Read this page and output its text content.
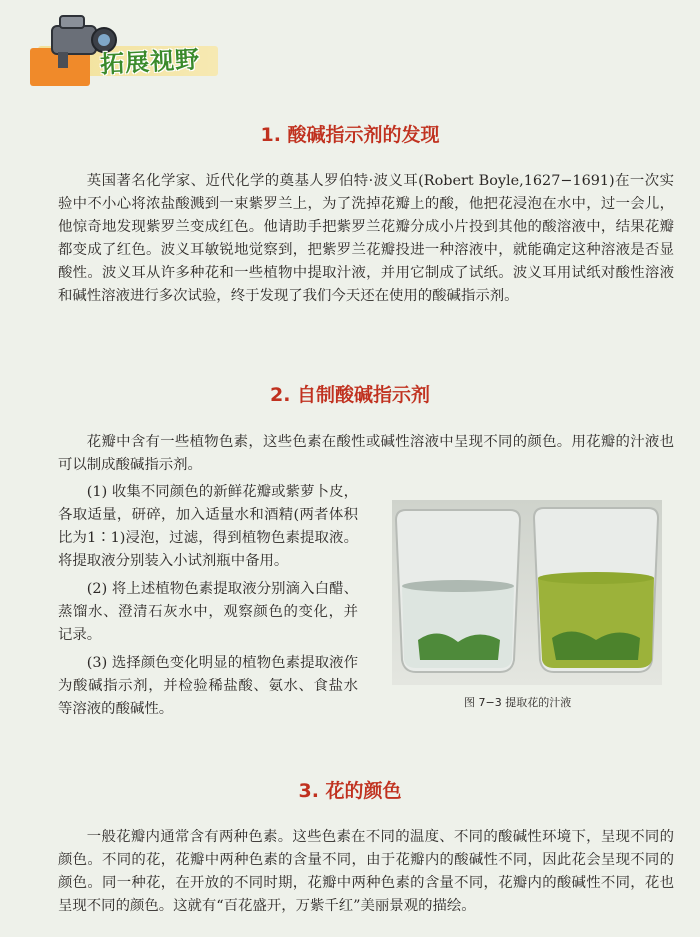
拓展视野
1. 酸碱指示剂的发现

英国著名化学家、近代化学的奠基人罗伯特·波义耳(Robert Boyle,1627−1691)在一次实验中不小心将浓盐酸溅到一束紫罗兰上，为了洗掉花瓣上的酸，他把花浸泡在水中，过一会儿，他惊奇地发现紫罗兰变成红色。他请助手把紫罗兰花瓣分成小片投到其他的酸溶液中，结果花瓣都变成了红色。波义耳敏锐地觉察到，把紫罗兰花瓣投进一种溶液中，就能确定这种溶液是否显酸性。波义耳从许多种花和一些植物中提取汁液，并用它制成了试纸。波义耳用试纸对酸性溶液和碱性溶液进行多次试验，终于发现了我们今天还在使用的酸碱指示剂。

2. 自制酸碱指示剂

花瓣中含有一些植物色素，这些色素在酸性或碱性溶液中呈现不同的颜色。用花瓣的汁液也可以制成酸碱指示剂。

(1) 收集不同颜色的新鲜花瓣或紫萝卜皮，各取适量，研碎，加入适量水和酒精(两者体积比为1∶1)浸泡，过滤，得到植物色素提取液。将提取液分别装入小试剂瓶中备用。

(2) 将上述植物色素提取液分别滴入白醋、蒸馏水、澄清石灰水中，观察颜色的变化，并记录。

(3) 选择颜色变化明显的植物色素提取液作为酸碱指示剂，并检验稀盐酸、氨水、食盐水等溶液的酸碱性。	图 7−3 提取花的汁液
3. 花的颜色

一般花瓣内通常含有两种色素。这些色素在不同的温度、不同的酸碱性环境下，呈现不同的颜色。不同的花，花瓣中两种色素的含量不同，由于花瓣内的酸碱性不同，因此花会呈现不同的颜色。同一种花，在开放的不同时期，花瓣中两种色素的含量不同，花瓣内的酸碱性不同，花也呈现不同的颜色。这就有“百花盛开，万紫千红”美丽景观的描绘。
